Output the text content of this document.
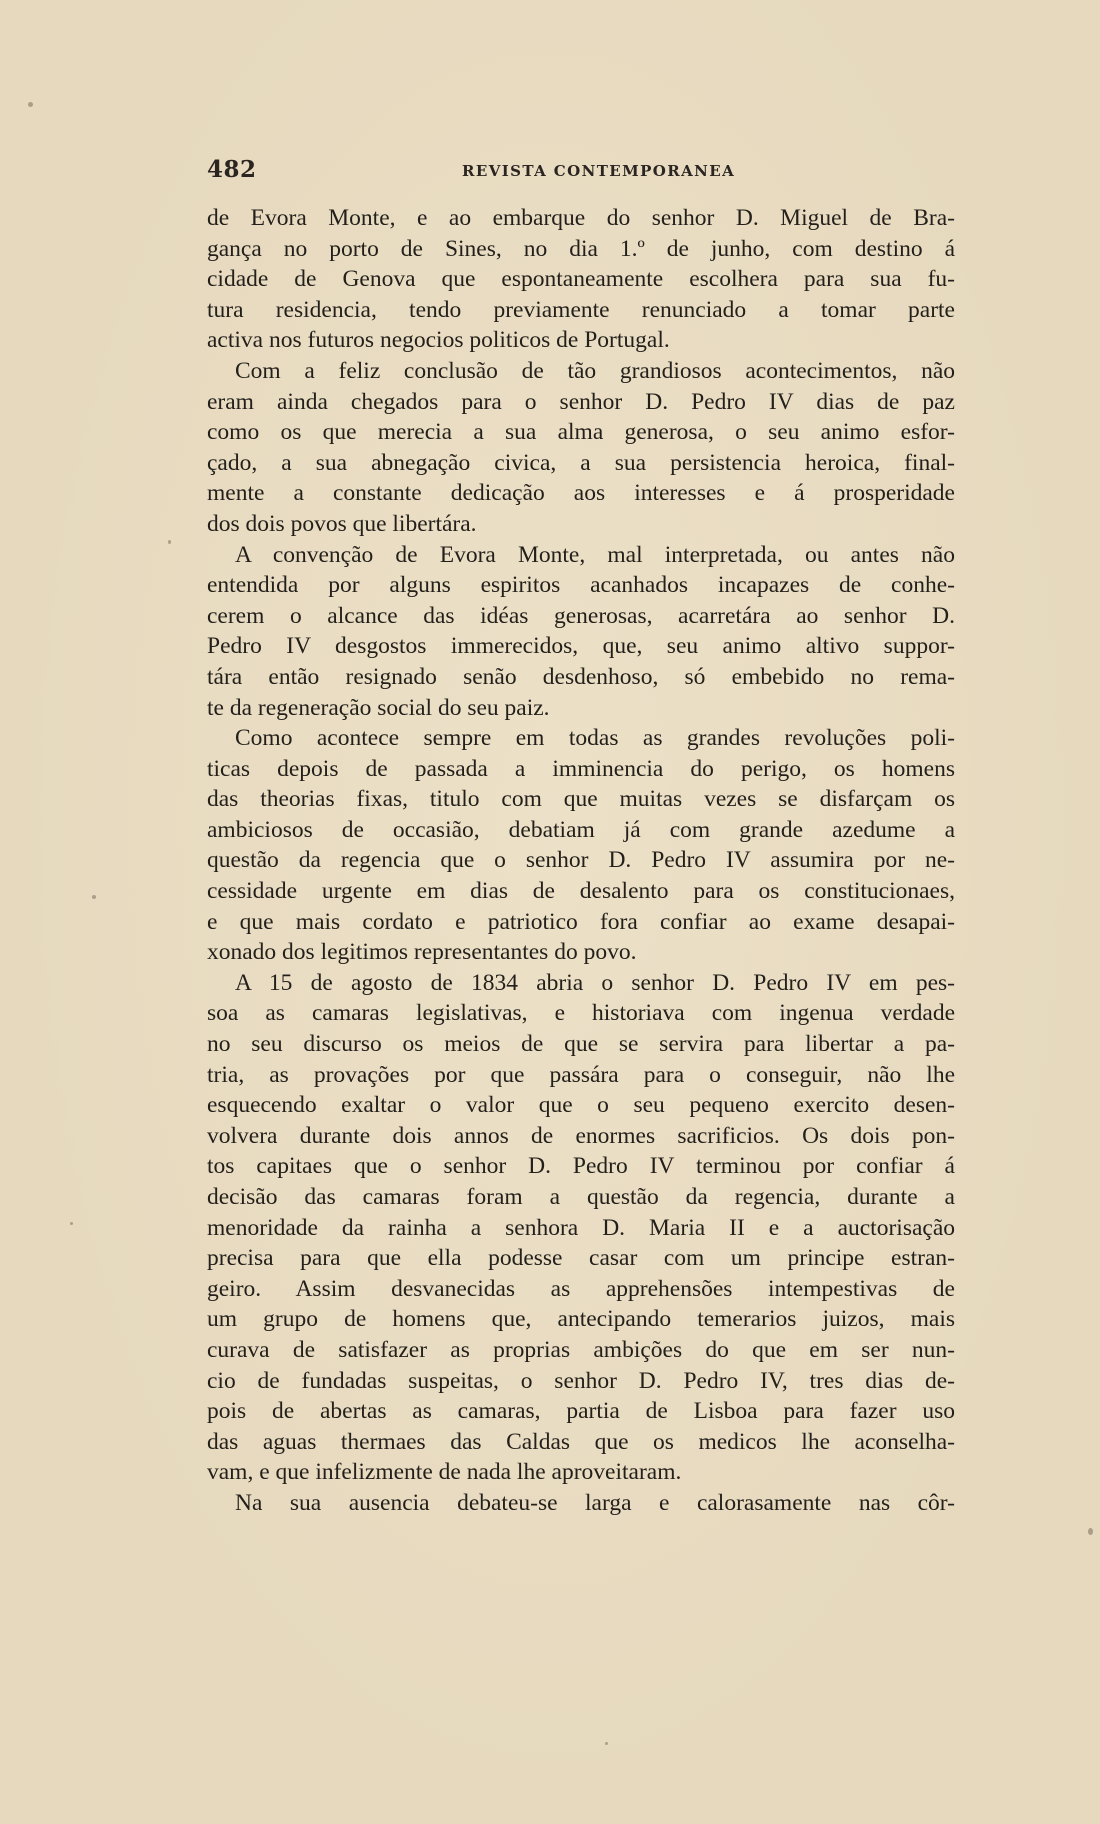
482	REVISTA CONTEMPORANEA
de Evora Monte, e ao embarque do senhor D. Miguel de Bra-
gança no porto de Sines, no dia 1.º de junho, com destino á
cidade de Genova que espontaneamente escolhera para sua fu-
tura residencia, tendo previamente renunciado a tomar parte
activa nos futuros negocios politicos de Portugal.
Com a feliz conclusão de tão grandiosos acontecimentos, não
eram ainda chegados para o senhor D. Pedro IV dias de paz
como os que merecia a sua alma generosa, o seu animo esfor-
çado, a sua abnegação civica, a sua persistencia heroica, final-
mente a constante dedicação aos interesses e á prosperidade
dos dois povos que libertára.
A convenção de Evora Monte, mal interpretada, ou antes não
entendida por alguns espiritos acanhados incapazes de conhe-
cerem o alcance das idéas generosas, acarretára ao senhor D.
Pedro IV desgostos immerecidos, que, seu animo altivo suppor-
tára então resignado senão desdenhoso, só embebido no rema-
te da regeneração social do seu paiz.
Como acontece sempre em todas as grandes revoluções poli-
ticas depois de passada a imminencia do perigo, os homens
das theorias fixas, titulo com que muitas vezes se disfarçam os
ambiciosos de occasião, debatiam já com grande azedume a
questão da regencia que o senhor D. Pedro IV assumira por ne-
cessidade urgente em dias de desalento para os constitucionaes,
e que mais cordato e patriotico fora confiar ao exame desapai-
xonado dos legitimos representantes do povo.
A 15 de agosto de 1834 abria o senhor D. Pedro IV em pes-
soa as camaras legislativas, e historiava com ingenua verdade
no seu discurso os meios de que se servira para libertar a pa-
tria, as provações por que passára para o conseguir, não lhe
esquecendo exaltar o valor que o seu pequeno exercito desen-
volvera durante dois annos de enormes sacrificios. Os dois pon-
tos capitaes que o senhor D. Pedro IV terminou por confiar á
decisão das camaras foram a questão da regencia, durante a
menoridade da rainha a senhora D. Maria II e a auctorisação
precisa para que ella podesse casar com um principe estran-
geiro. Assim desvanecidas as apprehensões intempestivas de
um grupo de homens que, antecipando temerarios juizos, mais
curava de satisfazer as proprias ambições do que em ser nun-
cio de fundadas suspeitas, o senhor D. Pedro IV, tres dias de-
pois de abertas as camaras, partia de Lisboa para fazer uso
das aguas thermaes das Caldas que os medicos lhe aconselha-
vam, e que infelizmente de nada lhe aproveitaram.
Na sua ausencia debateu-se larga e calorasamente nas côr-
